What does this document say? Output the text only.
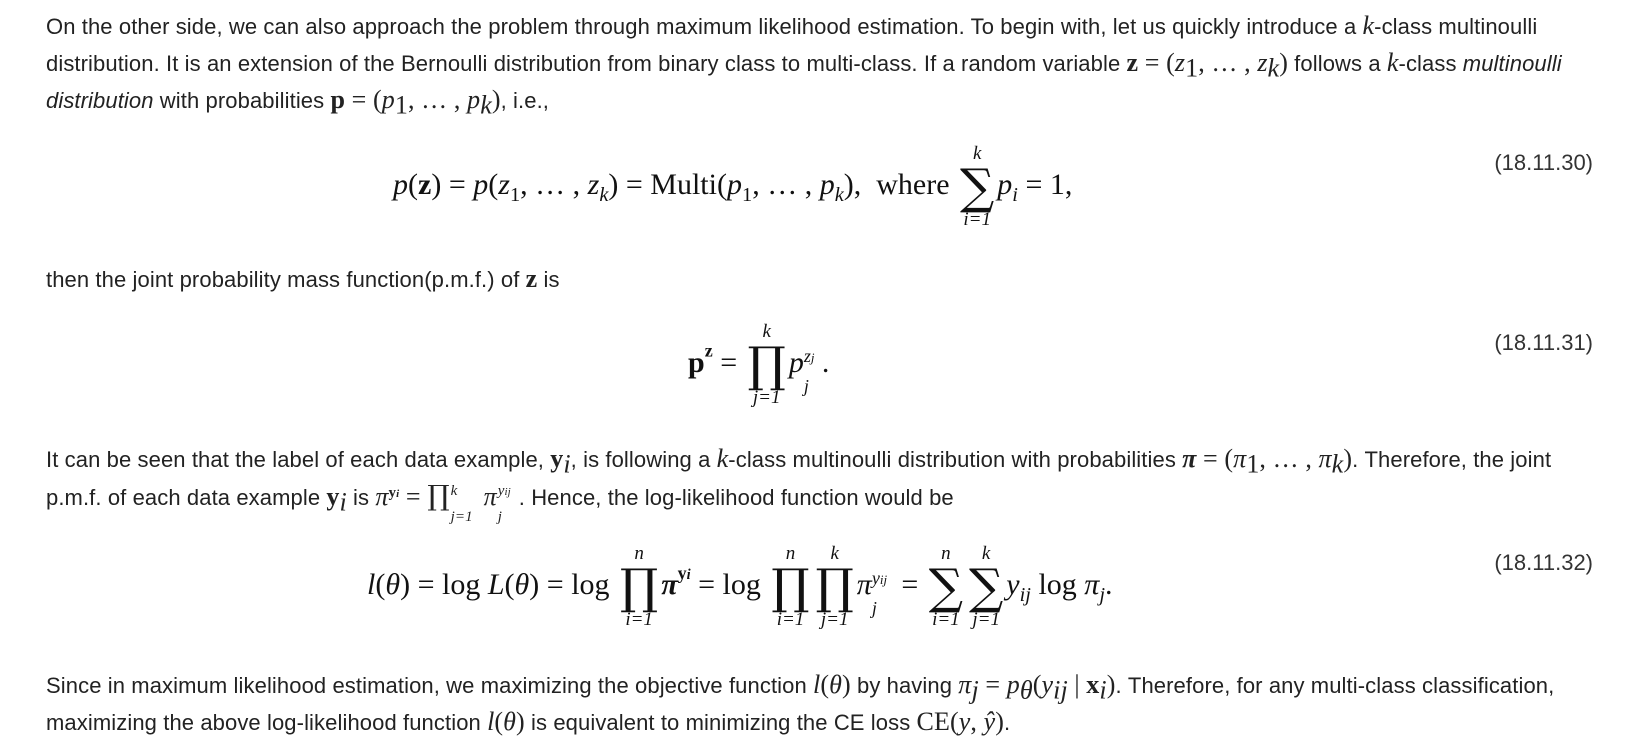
On the other side, we can also approach the problem through maximum likelihood estimation. To begin with, let us quickly introduce a k-class multinoulli distribution. It is an extension of the Bernoulli distribution from binary class to multi-class. If a random variable $z = (z_1$, … , $z_k$) follows a k-class multinoulli distribution with probabilities $p = (p_1$, … , $p_k$), i.e.,

$p(z) = p(z_1$, … , $z_k$) = $Multi(p_1$, … , $p_k$),  where
k
∑
i=1
$p_i = 1$,
(18.11.30)

then the joint probability mass function(p.m.f.) of z is

$p^z$ =
k
∏
j=1
p zj
j
.
(18.11.31)

It can be seen that the label of each data example, $y_i$, is following a k-class multinoulli distribution with probabilities $\pi = (\pi_1$, … , $\pi_k$). Therefore, the joint p.m.f. of each data example $y_i$ is $\pi^{yi}$ = ∏ k
j=1
π yij
j
. Hence, the log-likelihood function would be

l(θ) = log L(θ) = log
n
∏
i=1
$\pi^{yi} = \log$
n
∏
i=1
k
∏
j=1
π yij
j
=
n
∑
i=1
k
∑
j=1
$y_{ij}$ $\log \pi_j$.
(18.11.32)

Since in maximum likelihood estimation, we maximizing the objective function l(θ) by having $\pi_j = p_\theta(y_{ij}$ | $x_i$). Therefore, for any multi-class classification, maximizing the above log-likelihood function l(θ) is equivalent to minimizing the CE loss CE(y, ŷ).
